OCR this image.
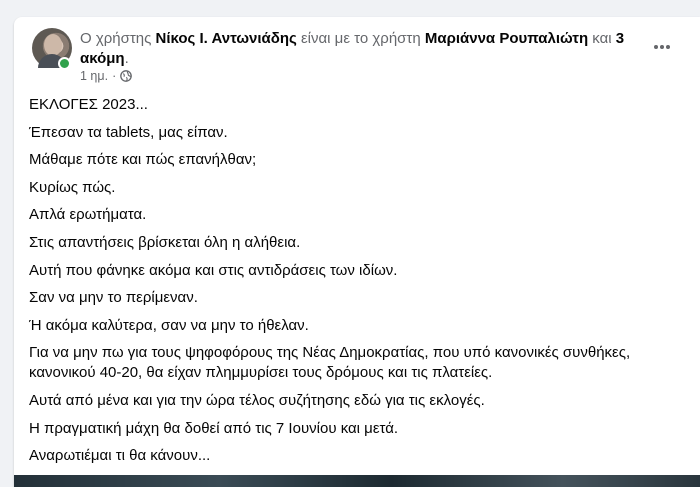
Ο χρήστης Νίκος Ι. Αντωνιάδης είναι με το χρήστη Μαριάννα Ρουπαλιώτη και 3 ακόμη.
1 ημ. ·

ΕΚΛΟΓΕΣ 2023...

Έπεσαν τα tablets, μας είπαν.

Μάθαμε πότε και πώς επανήλθαν;

Κυρίως πώς.

Απλά ερωτήματα.

Στις απαντήσεις βρίσκεται όλη η αλήθεια.

Αυτή που φάνηκε ακόμα και στις αντιδράσεις των ιδίων.

Σαν να μην το περίμεναν.

Ή ακόμα καλύτερα, σαν να μην το ήθελαν.

Για να μην πω για τους ψηφοφόρους της Νέας Δημοκρατίας, που υπό κανονικές συνθήκες, κανονικού 40-20, θα είχαν πλημμυρίσει τους δρόμους και τις πλατείες.

Αυτά από μένα και για την ώρα τέλος συζήτησης εδώ για τις εκλογές.

Η πραγματική μάχη θα δοθεί από τις 7 Ιουνίου και μετά.

Αναρωτιέμαι τι θα κάνουν...
